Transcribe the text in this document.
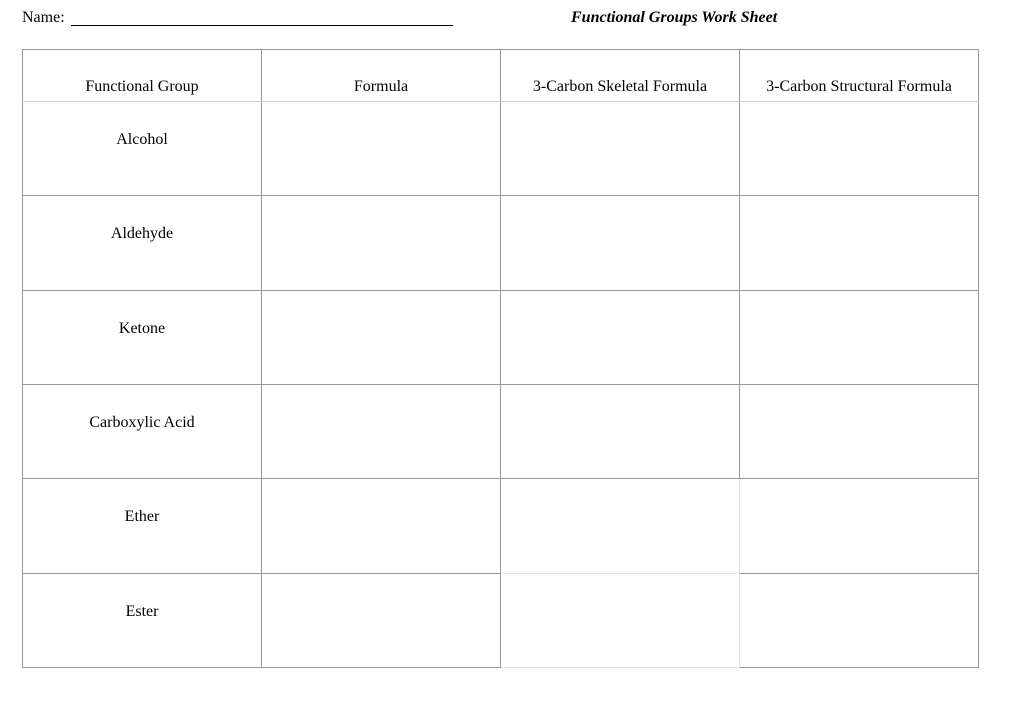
Name:	Functional Groups Work Sheet
Functional Group	Formula	3-Carbon Skeletal Formula	3-Carbon Structural Formula

Alcohol			

Aldehyde			

Ketone			

Carboxylic Acid			

Ether			

Ester			
